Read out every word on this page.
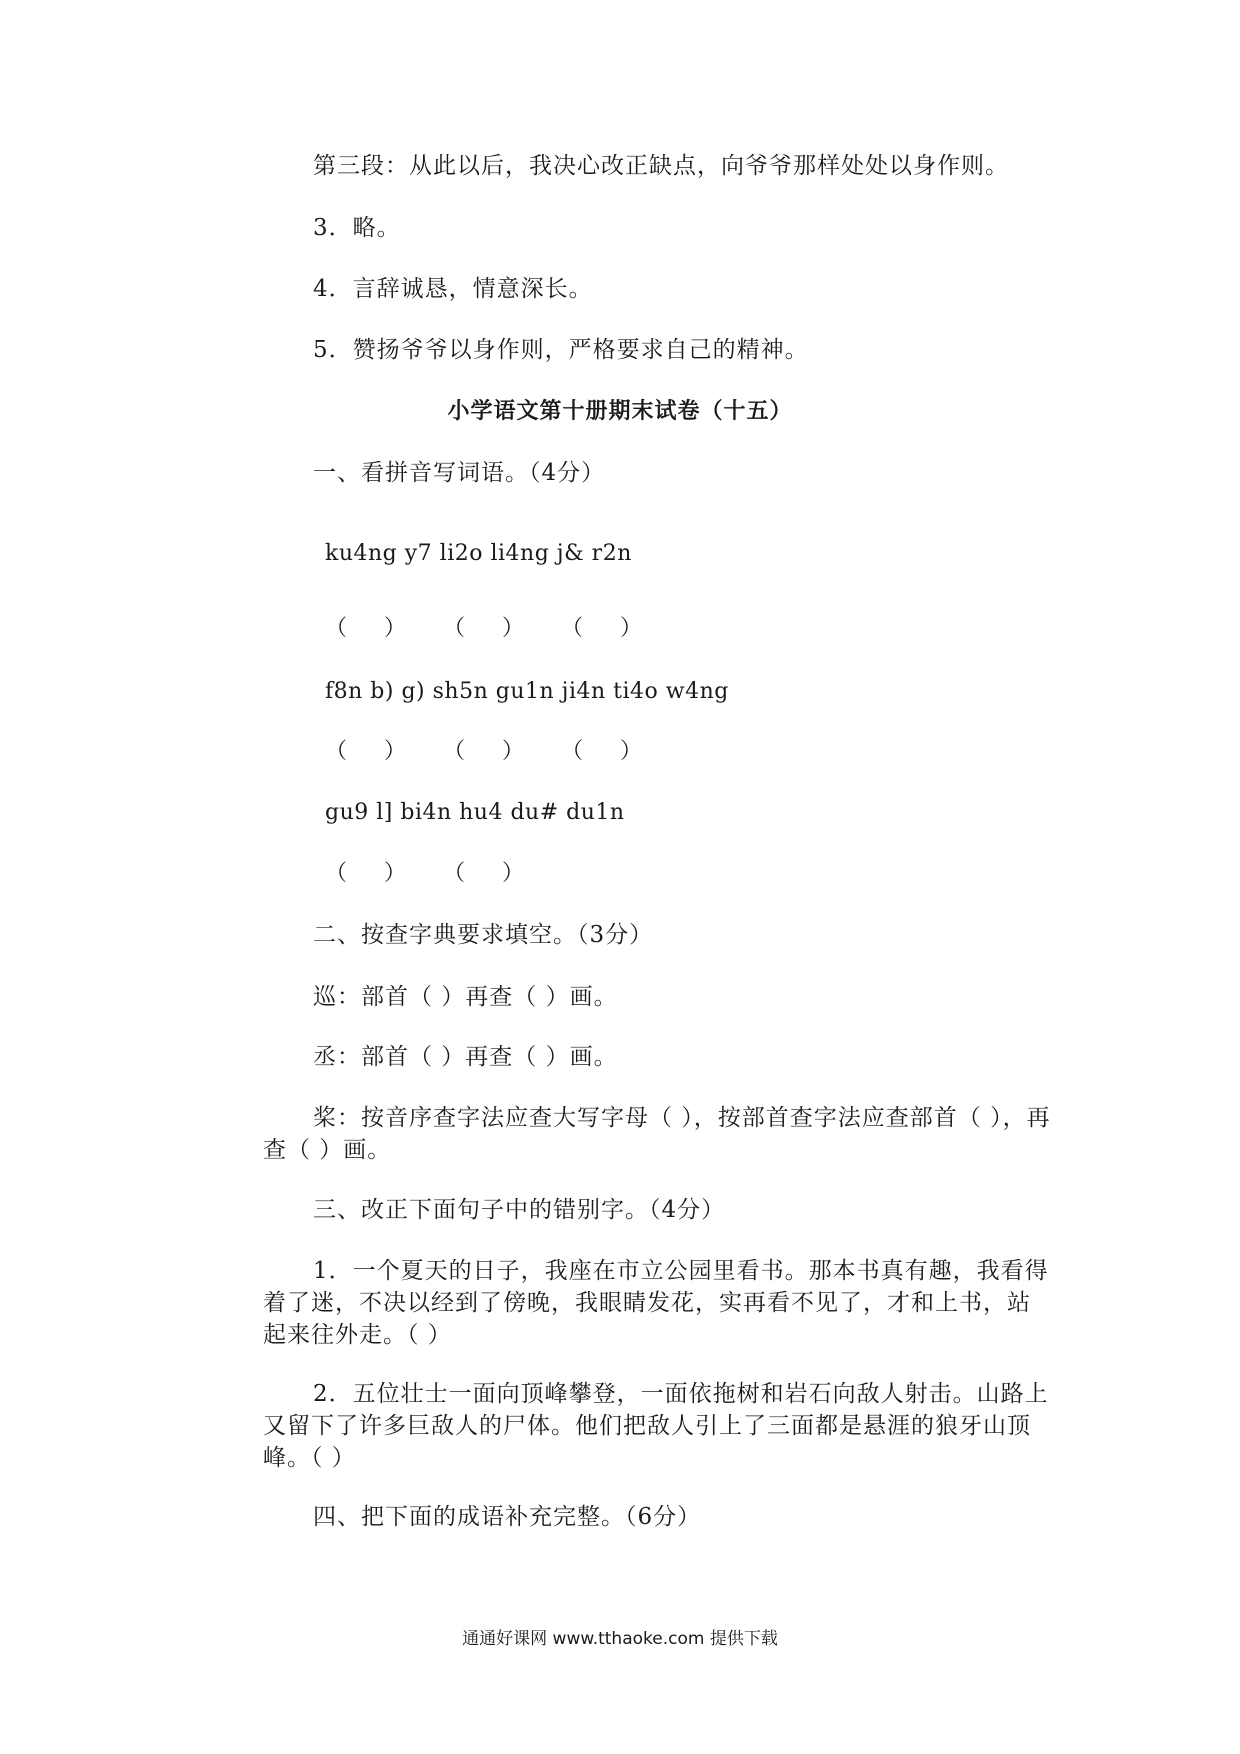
第三段：从此以后，我决心改正缺点，向爷爷那样处处以身作则。
3．略。
4．言辞诚恳，情意深长。
5．赞扬爷爷以身作则，严格要求自己的精神。
小学语文第十册期末试卷（十五）
一、看拼音写词语。（4分）
ku4ng y7 li2o li4ng j& r2n
（ ） （ ） （ ）
f8n b) g) sh5n gu1n ji4n ti4o w4ng
（ ） （ ） （ ）
gu9 l] bi4n hu4 du# du1n
（ ） （ ）
二、按查字典要求填空。（3分）
巡：部首（ ）再查（ ）画。
丞：部首（ ）再查（ ）画。
桨：按音序查字法应查大写字母（ ），按部首查字法应查部首（ ），再查（ ）画。
三、改正下面句子中的错别字。（4分）
1．一个夏天的日子，我座在市立公园里看书。那本书真有趣，我看得着了迷，不决以经到了傍晚，我眼睛发花，实再看不见了，才和上书，站起来往外走。（ ）
2．五位壮士一面向顶峰攀登，一面依拖树和岩石向敌人射击。山路上又留下了许多巨敌人的尸体。他们把敌人引上了三面都是悬涯的狼牙山顶峰。（ ）
四、把下面的成语补充完整。（6分）
通通好课网 www.tthaoke.com 提供下载
